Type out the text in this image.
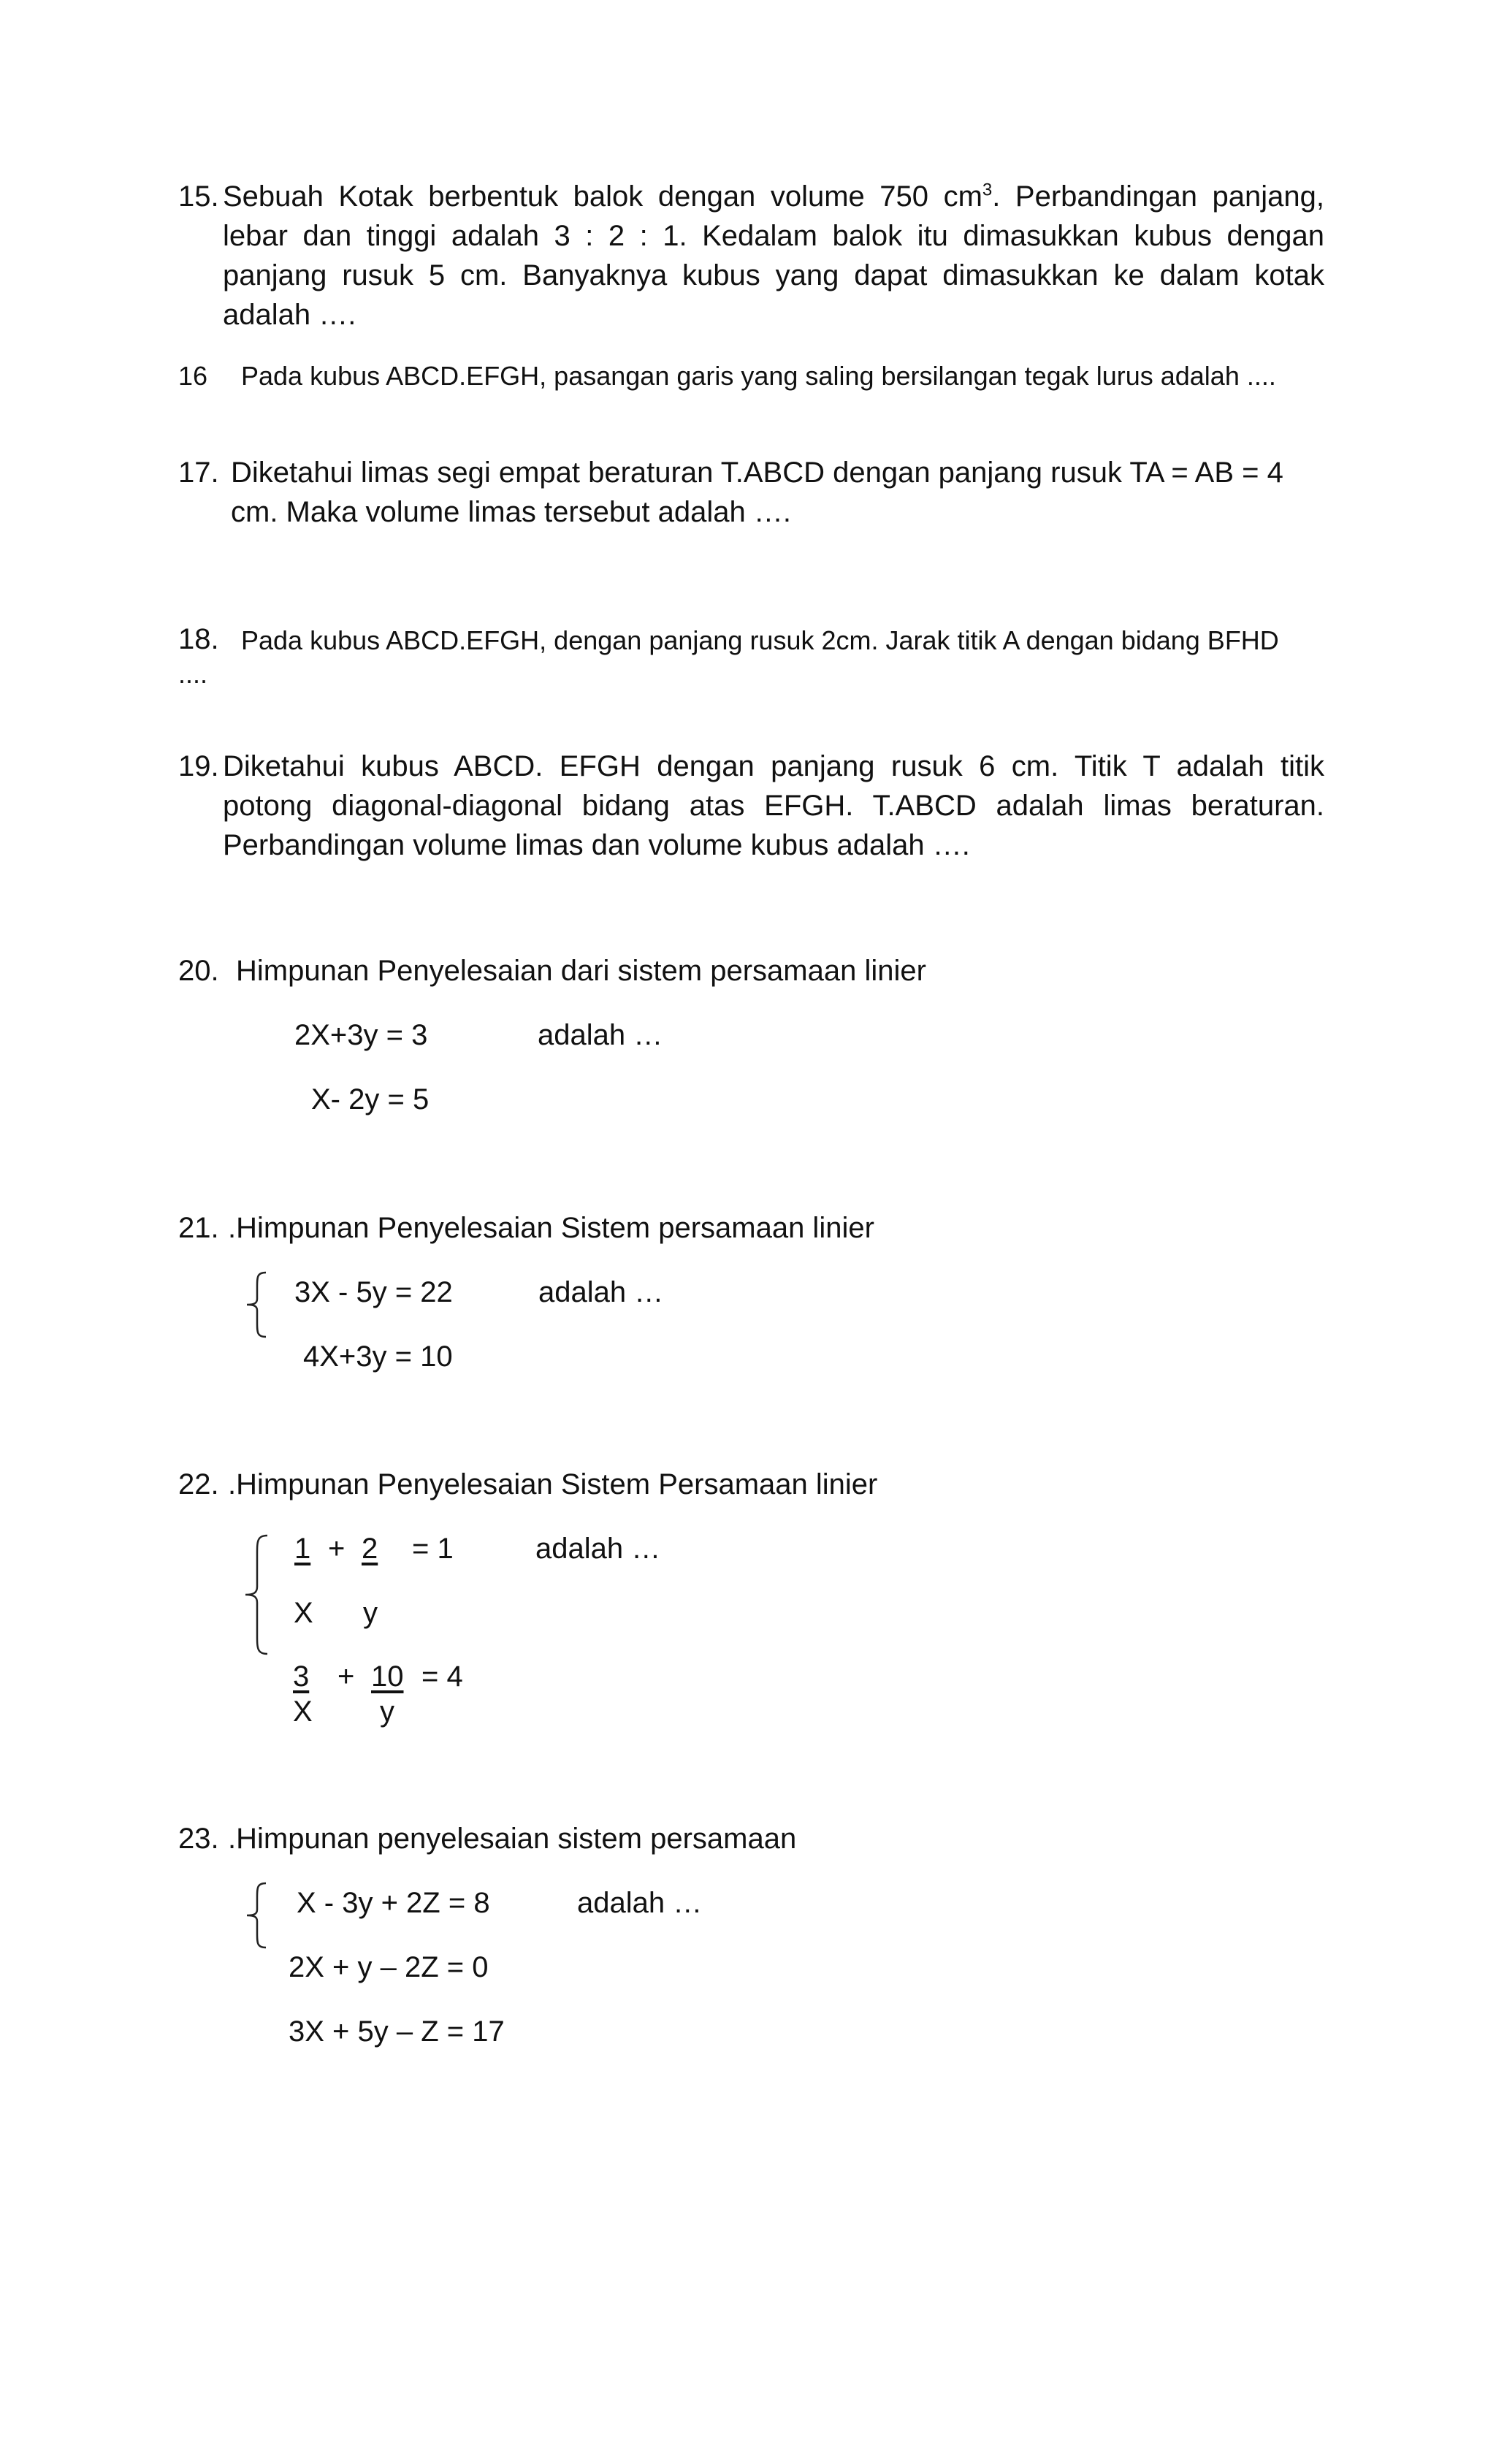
15. Sebuah Kotak berbentuk balok dengan volume 750 $cm^3$. Perbandingan panjang,
lebar dan tinggi adalah 3 : 2 : 1. Kedalam balok itu dimasukkan kubus dengan
panjang rusuk 5 cm. Banyaknya kubus yang dapat dimasukkan ke dalam kotak
adalah ….
16 Pada kubus ABCD.EFGH, pasangan garis yang saling bersilangan tegak lurus adalah ....
17. Diketahui limas segi empat beraturan T.ABCD dengan panjang rusuk TA = AB = 4
cm. Maka volume limas tersebut adalah ….
18. Pada kubus ABCD.EFGH, dengan panjang rusuk 2cm. Jarak titik A dengan bidang BFHD
....
19. Diketahui kubus ABCD. EFGH dengan panjang rusuk 6 cm. Titik T adalah titik
potong diagonal-diagonal bidang atas EFGH. T.ABCD adalah limas beraturan.
Perbandingan volume limas dan volume kubus adalah ….
20. Himpunan Penyelesaian dari sistem persamaan linier
2X+3y = 3	adalah …
X- 2y = 5
21. .Himpunan Penyelesaian Sistem persamaan linier
3X - 5y = 22	adalah …
4X+3y = 10
22. .Himpunan Penyelesaian Sistem Persamaan linier
1 + 2 = 1	adalah …
X y
3 + 10 = 4
X y
23. .Himpunan penyelesaian sistem persamaan
X - 3y + 2Z = 8	adalah …
2X + y – 2Z = 0
3X + 5y – Z = 17
